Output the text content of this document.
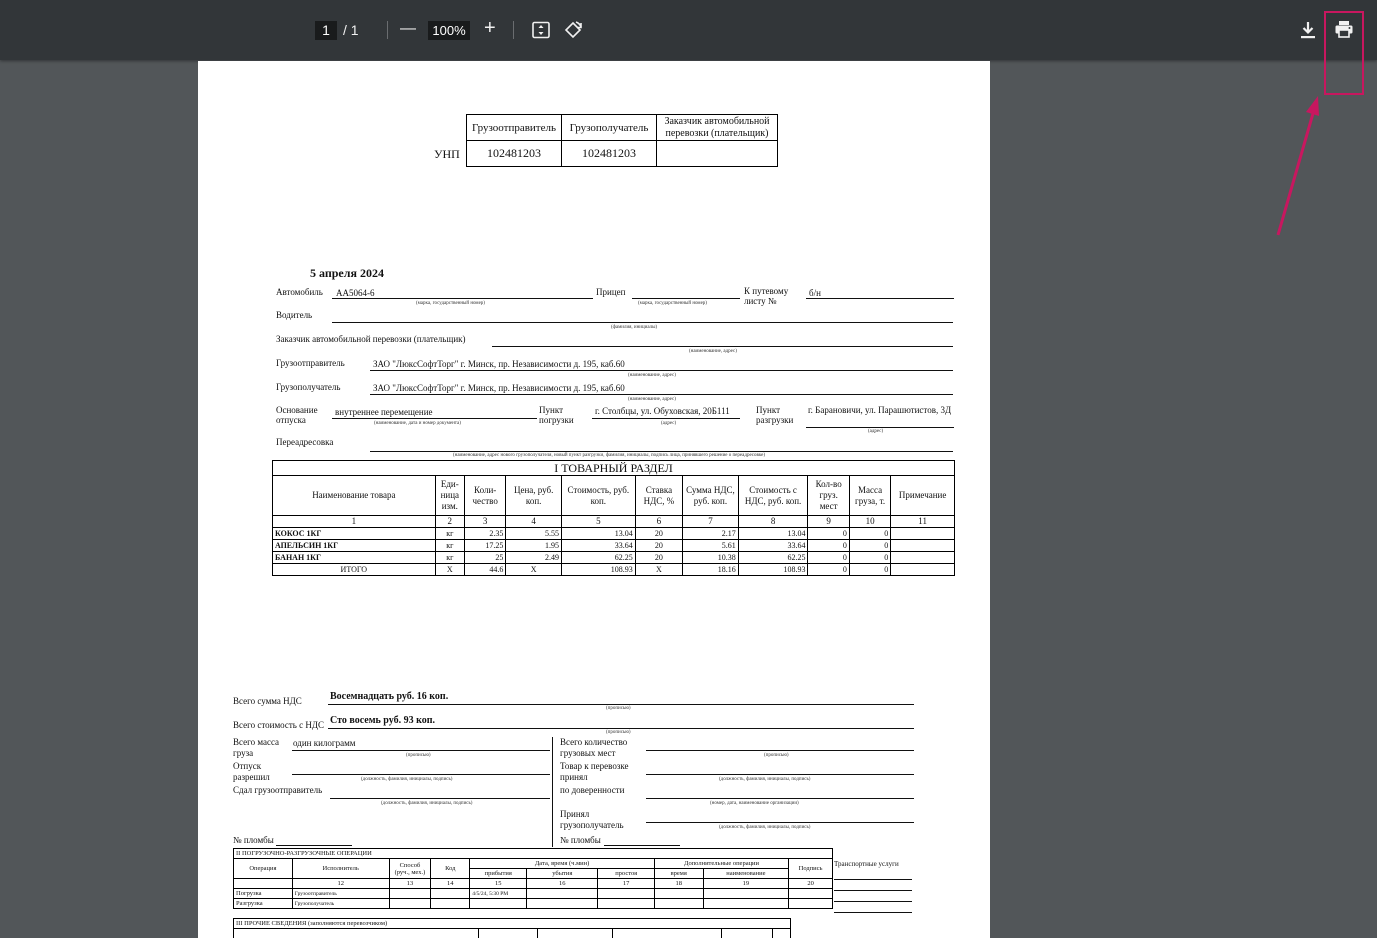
1 / 1	—	100% +
УНП
Грузоотправитель	Грузополучатель	Заказчик автомобильной перевозки (плательщик)
102481203	102481203	
5 апреля 2024
Автомобиль АА5064-6
(марка, государственный номер)
Прицеп
(марка, государственный номер)
К путевому листу №
б/н
Водитель
(фамилия, инициалы)
Заказчик автомобильной перевозки (плательщик)
(наименование, адрес)
Грузоотправитель	ЗАО "ЛюксСофтТорг" г. Минск, пр. Независимости д. 195, каб.60
(наименование, адрес)
Грузополучатель	ЗАО "ЛюксСофтТорг" г. Минск, пр. Независимости д. 195, каб.60
(наименование, адрес)
Основание отпуска
внутреннее перемещение
(наименование, дата и номер документа)
Пункт погрузки
г. Столбцы, ул. Обуховская, 20Б111
(адрес)
Пункт разгрузки
г. Барановичи, ул. Парашютистов, 3Д
(адрес)
Переадресовка
(наименование, адрес нового грузополучателя, новый пункт разгрузки, фамилия, инициалы, подпись лица, принявшего решение о переадресовке)
I ТОВАРНЫЙ РАЗДЕЛ										
Наименование товара	Еди-ница изм.	Коли-чество	Цена, руб. коп.	Стоимость, руб. коп.	Ставка НДС, %	Сумма НДС, руб. коп.	Стоимость с НДС, руб. коп.	Кол-во груз. мест	Масса груза, т.	Примечание
1	2	3	4	5	6	7	8	9	10	11
КОКОС 1КГ	кг	2.35	5.55	13.04	20	2.17	13.04	0	0	
АПЕЛЬСИН 1КГ	кг	17.25	1.95	33.64	20	5.61	33.64	0	0	
БАНАН 1КГ	кг	25	2.49	62.25	20	10.38	62.25	0	0	
ИТОГО	X	44.6	X	108.93	X	18.16	108.93	0	0	
Всего сумма НДС	Восемнадцать руб. 16 коп.
(прописью)
Всего стоимость с НДС Сто восемь руб. 93 коп.
(прописью)
Всего масса груза
один килограмм
(прописью)
Отпуск разрешил	(должность, фамилия, инициалы, подпись)
Сдал грузоотправитель
(должность, фамилия, инициалы, подпись)
Всего количество грузовых мест	(прописью)
Товар к перевозке принял	(должность, фамилия, инициалы, подпись)
по доверенности
(номер, дата, наименование организации)
Принял грузополучатель	(должность, фамилия, инициалы, подпись)
№ пломбы
№ пломбы
II ПОГРУЗОЧНО-РАЗГРУЗОЧНЫЕ ОПЕРАЦИИ									
Операция	Исполнитель	Способ (руч., мех.)	Код	Дата, время (ч.мин)			Дополнительные операции		Подпись
				прибытия	убытия	простоя	время	наименование	
	12	13	14	15	16	17	18	19	20
Погрузка	Грузоотправитель			4/5/24, 5:30 PM					
Разгрузка	Грузополучатель								
Транспортные услуги
III ПРОЧИЕ СВЕДЕНИЯ (заполняются перевозчиком)
